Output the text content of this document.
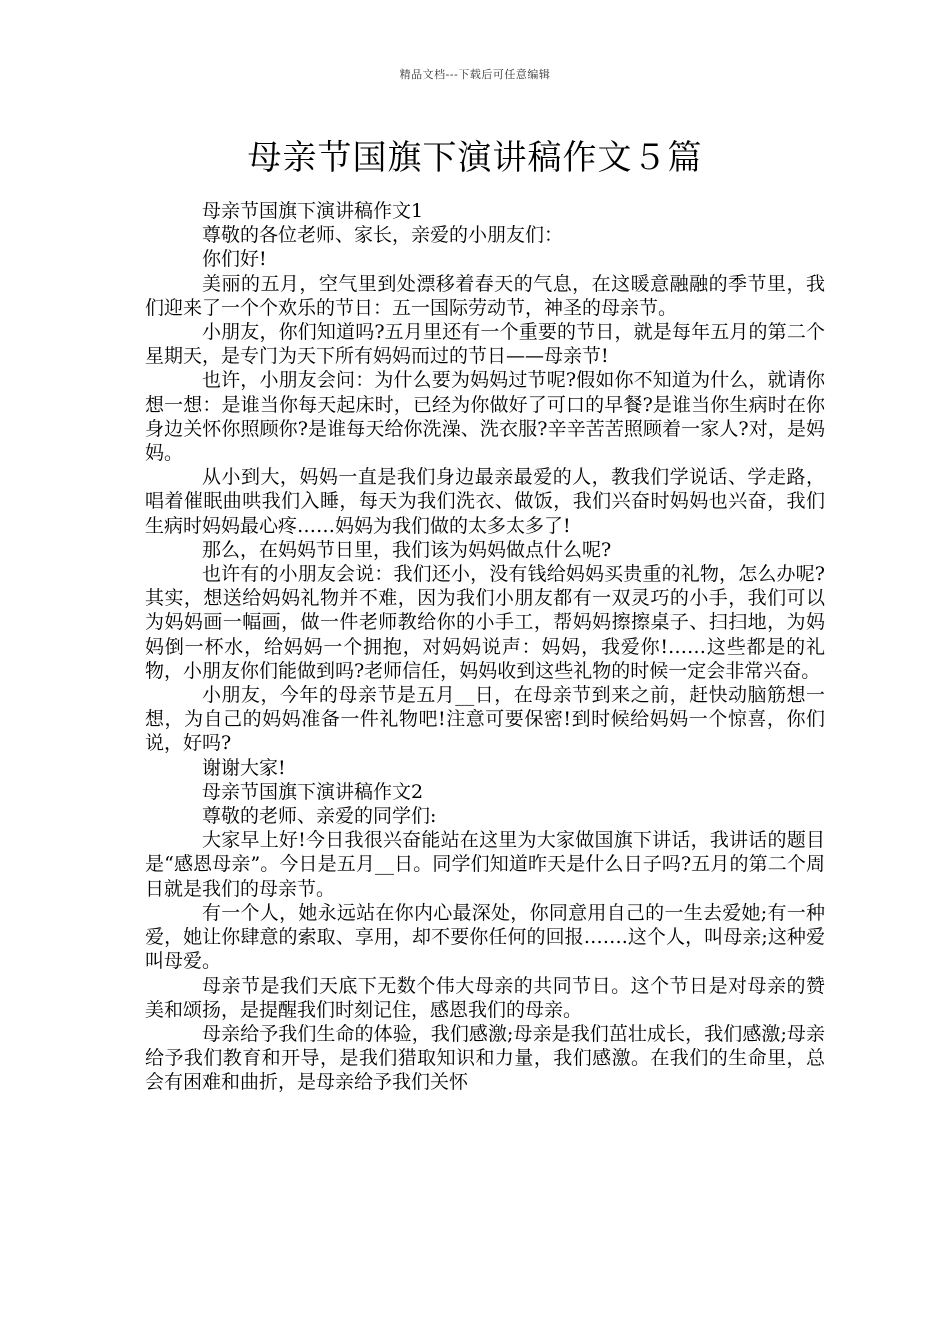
精品文档---下载后可任意编辑
母亲节国旗下演讲稿作文５篇

母亲节国旗下演讲稿作文1

尊敬的各位老师、家长，亲爱的小朋友们：

你们好!

美丽的五月，空气里到处漂移着春天的气息，在这暖意融融的季节里，我们迎来了一个个欢乐的节日：五一国际劳动节，神圣的母亲节。

小朋友，你们知道吗?五月里还有一个重要的节日，就是每年五月的第二个星期天，是专门为天下所有妈妈而过的节日——母亲节!

也许，小朋友会问：为什么要为妈妈过节呢?假如你不知道为什么，就请你想一想：是谁当你每天起床时，已经为你做好了可口的早餐?是谁当你生病时在你身边关怀你照顾你?是谁每天给你洗澡、洗衣服?辛辛苦苦照顾着一家人?对，是妈妈。

从小到大，妈妈一直是我们身边最亲最爱的人，教我们学说话、学走路，唱着催眠曲哄我们入睡，每天为我们洗衣、做饭，我们兴奋时妈妈也兴奋，我们生病时妈妈最心疼……妈妈为我们做的太多太多了!

那么，在妈妈节日里，我们该为妈妈做点什么呢?

也许有的小朋友会说：我们还小，没有钱给妈妈买贵重的礼物，怎么办呢?其实，想送给妈妈礼物并不难，因为我们小朋友都有一双灵巧的小手，我们可以为妈妈画一幅画，做一件老师教给你的小手工，帮妈妈擦擦桌子、扫扫地，为妈妈倒一杯水，给妈妈一个拥抱，对妈妈说声：妈妈，我爱你!……这些都是的礼物，小朋友你们能做到吗?老师信任，妈妈收到这些礼物的时候一定会非常兴奋。

小朋友，今年的母亲节是五月__日，在母亲节到来之前，赶快动脑筋想一想，为自己的妈妈准备一件礼物吧!注意可要保密!到时候给妈妈一个惊喜，你们说，好吗?

谢谢大家!

母亲节国旗下演讲稿作文2

尊敬的老师、亲爱的同学们:

大家早上好!今日我很兴奋能站在这里为大家做国旗下讲话，我讲话的题目是“感恩母亲”。今日是五月__日。同学们知道昨天是什么日子吗?五月的第二个周日就是我们的母亲节。

有一个人，她永远站在你内心最深处，你同意用自己的一生去爱她;有一种爱，她让你肆意的索取、享用，却不要你任何的回报…….这个人，叫母亲;这种爱叫母爱。

母亲节是我们天底下无数个伟大母亲的共同节日。这个节日是对母亲的赞美和颂扬，是提醒我们时刻记住，感恩我们的母亲。

母亲给予我们生命的体验，我们感激;母亲是我们茁壮成长，我们感激;母亲给予我们教育和开导，是我们猎取知识和力量，我们感激。在我们的生命里，总会有困难和曲折，是母亲给予我们关怀
